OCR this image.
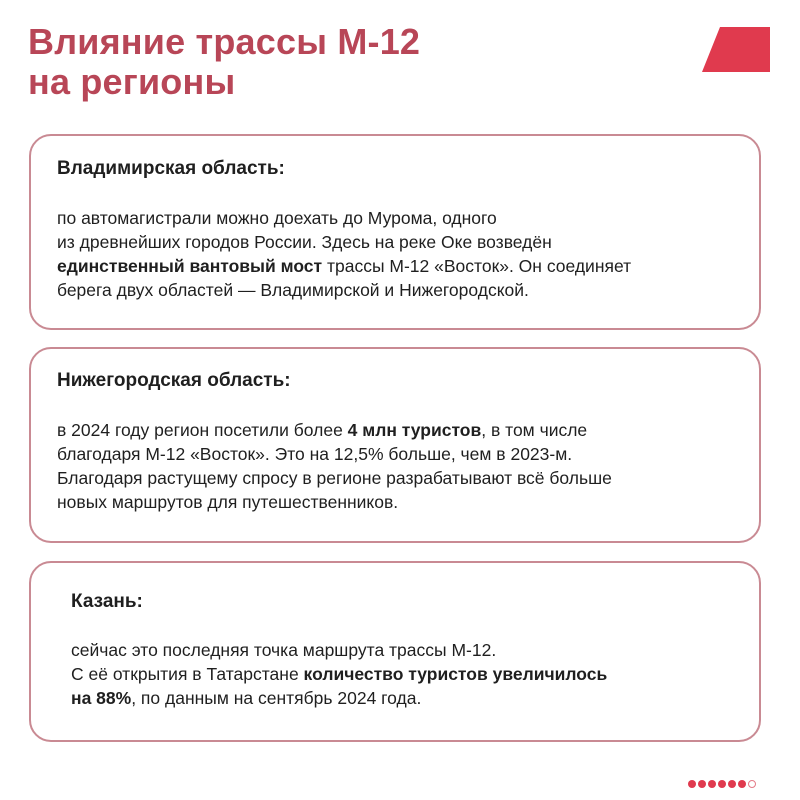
Влияние трассы М-12
на регионы
Владимирская область:

по автомагистрали можно доехать до Мурома, одного
из древнейших городов России. Здесь на реке Оке возведён
единственный вантовый мост трассы М-12 «Восток». Он соединяет
берега двух областей — Владимирской и Нижегородской.

Нижегородская область:

в 2024 году регион посетили более 4 млн туристов, в том числе
благодаря М-12 «Восток». Это на 12,5% больше, чем в 2023-м.
Благодаря растущему спросу в регионе разрабатывают всё больше
новых маршрутов для путешественников.

Казань:

сейчас это последняя точка маршрута трассы М-12.
С её открытия в Татарстане количество туристов увеличилось
на 88%, по данным на сентябрь 2024 года.
